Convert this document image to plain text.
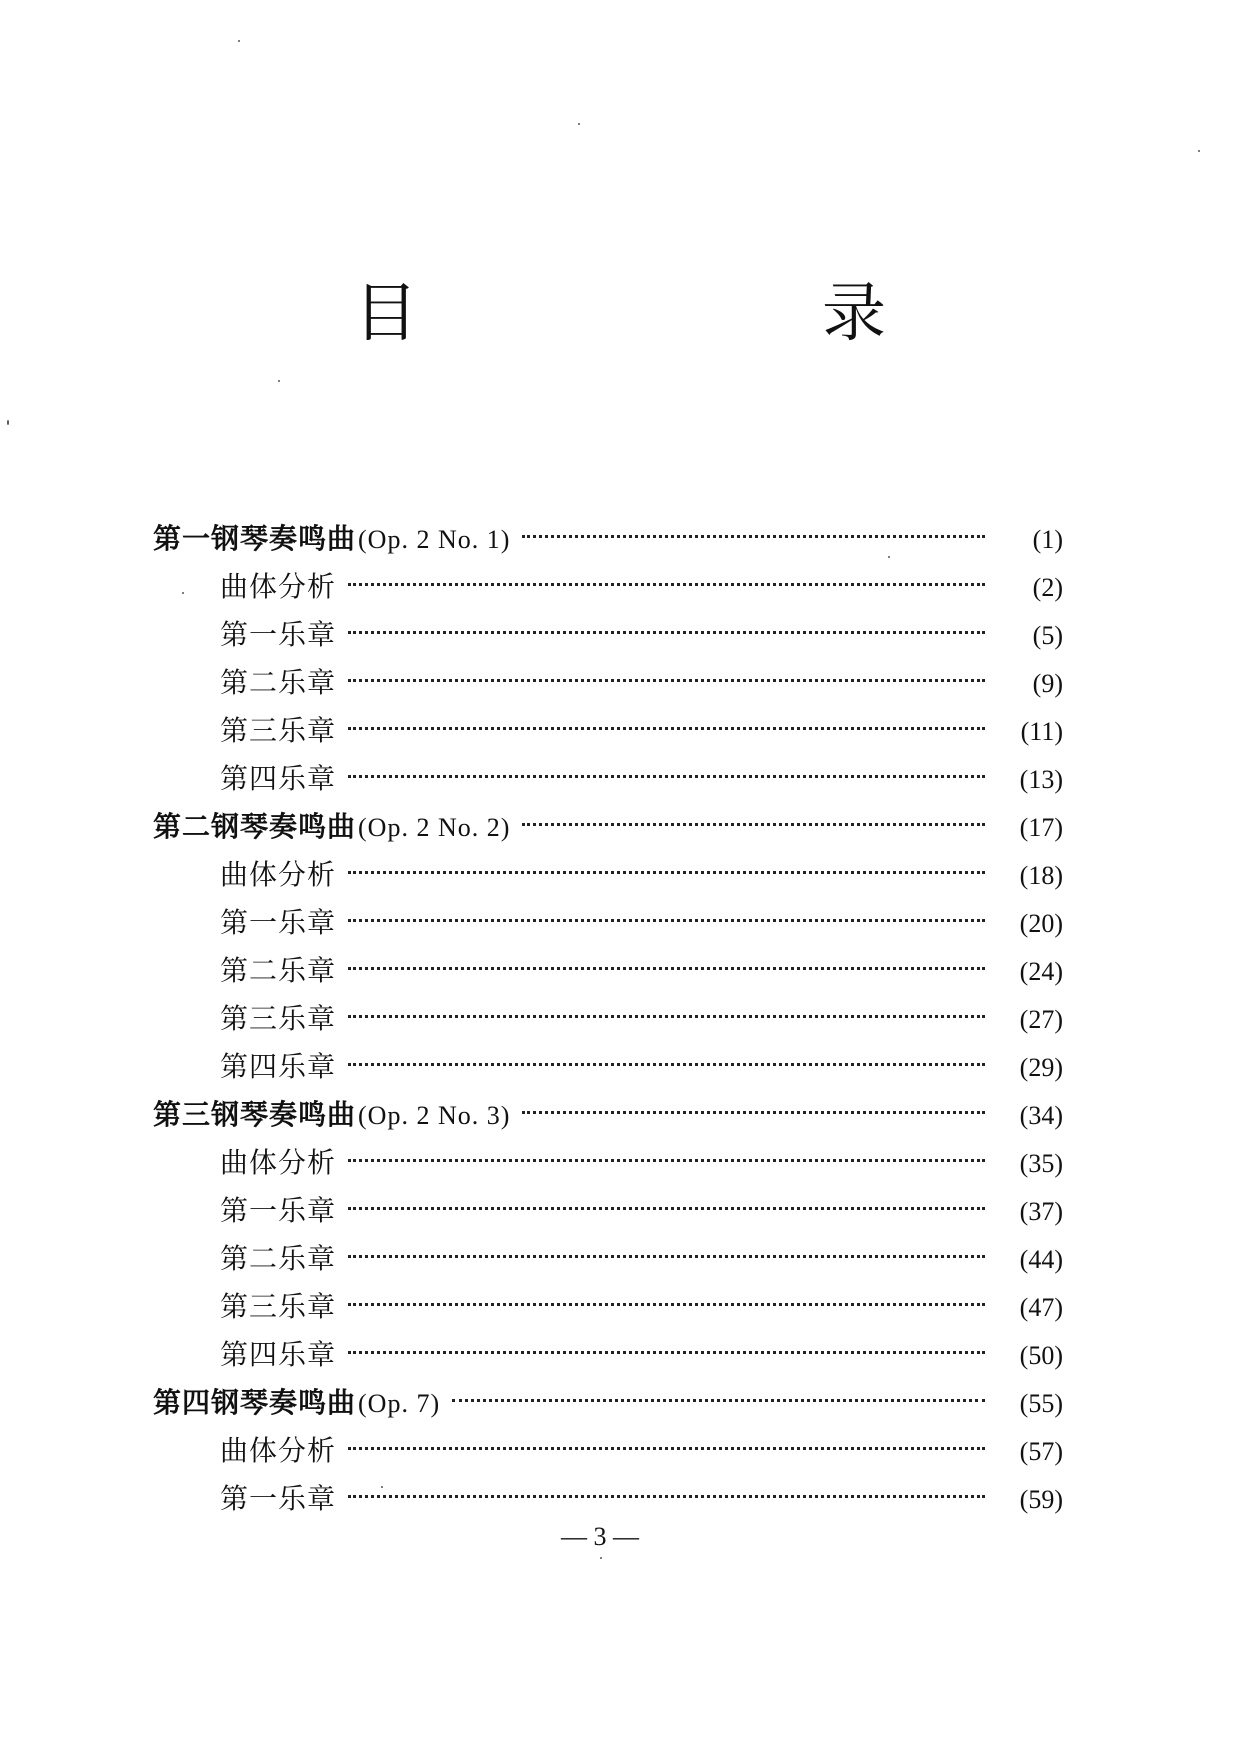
目　录
第一钢琴奏鸣曲(Op. 2 No. 1)	(1)
曲体分析	(2)
第一乐章	(5)
第二乐章	(9)
第三乐章	(11)
第四乐章	(13)
第二钢琴奏鸣曲(Op. 2 No. 2)	(17)
曲体分析	(18)
第一乐章	(20)
第二乐章	(24)
第三乐章	(27)
第四乐章	(29)
第三钢琴奏鸣曲(Op. 2 No. 3)	(34)
曲体分析	(35)
第一乐章	(37)
第二乐章	(44)
第三乐章	(47)
第四乐章	(50)
第四钢琴奏鸣曲(Op. 7)	(55)
曲体分析	(57)
第一乐章	(59)
— 3 —
